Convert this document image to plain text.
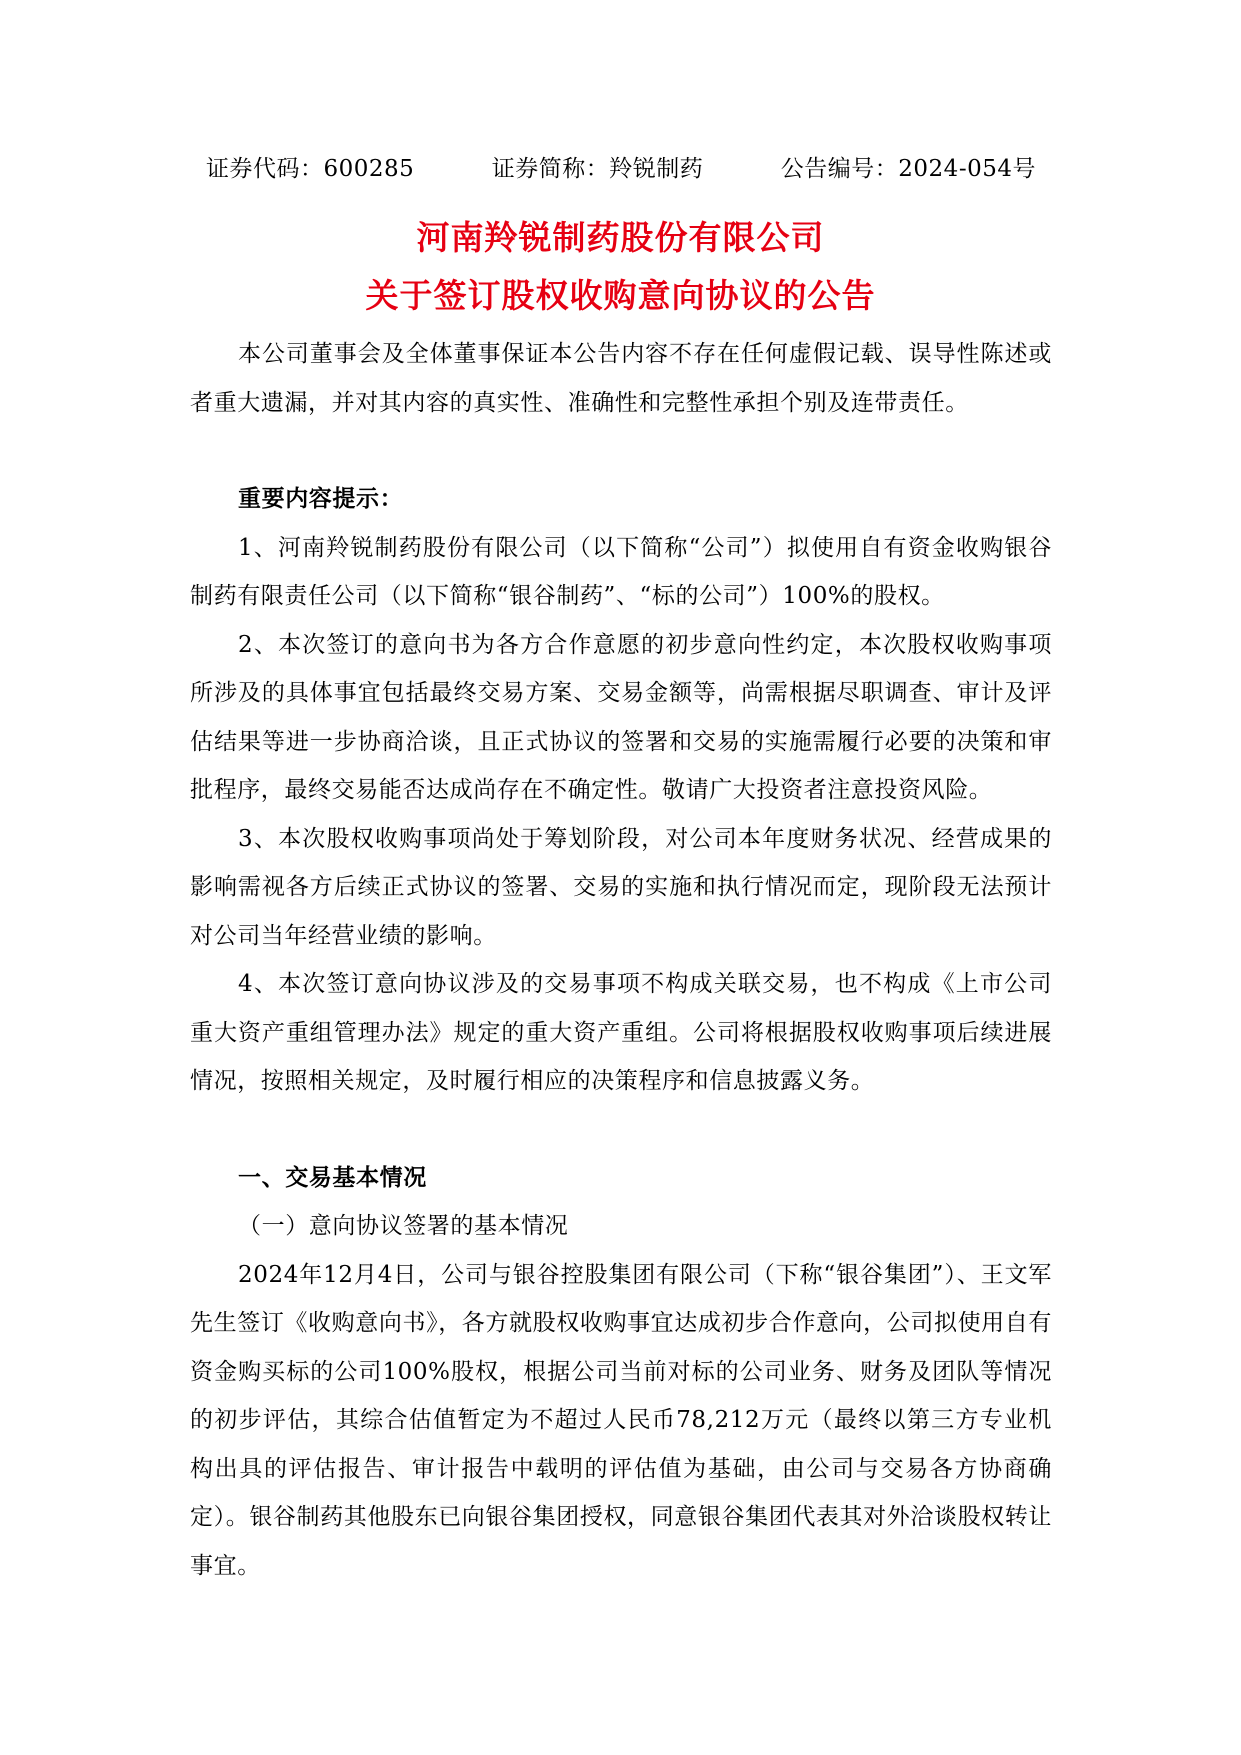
证券代码：600285	证券简称：羚锐制药	公告编号：2024-054号
河南羚锐制药股份有限公司
关于签订股权收购意向协议的公告

本公司董事会及全体董事保证本公告内容不存在任何虚假记载、误导性陈述或者重大遗漏，并对其内容的真实性、准确性和完整性承担个别及连带责任。

重要内容提示：

1、河南羚锐制药股份有限公司（以下简称“公司”）拟使用自有资金收购银谷制药有限责任公司（以下简称“银谷制药”、“标的公司”）100%的股权。

2、本次签订的意向书为各方合作意愿的初步意向性约定，本次股权收购事项所涉及的具体事宜包括最终交易方案、交易金额等，尚需根据尽职调查、审计及评估结果等进一步协商洽谈，且正式协议的签署和交易的实施需履行必要的决策和审批程序，最终交易能否达成尚存在不确定性。敬请广大投资者注意投资风险。

3、本次股权收购事项尚处于筹划阶段，对公司本年度财务状况、经营成果的影响需视各方后续正式协议的签署、交易的实施和执行情况而定，现阶段无法预计对公司当年经营业绩的影响。

4、本次签订意向协议涉及的交易事项不构成关联交易，也不构成《上市公司重大资产重组管理办法》规定的重大资产重组。公司将根据股权收购事项后续进展情况，按照相关规定，及时履行相应的决策程序和信息披露义务。

一、交易基本情况

（一）意向协议签署的基本情况

2024年12月4日，公司与银谷控股集团有限公司（下称“银谷集团”）、王文军先生签订《收购意向书》，各方就股权收购事宜达成初步合作意向，公司拟使用自有资金购买标的公司100%股权，根据公司当前对标的公司业务、财务及团队等情况的初步评估，其综合估值暂定为不超过人民币78,212万元（最终以第三方专业机构出具的评估报告、审计报告中载明的评估值为基础，由公司与交易各方协商确定）。银谷制药其他股东已向银谷集团授权，同意银谷集团代表其对外洽谈股权转让事宜。
